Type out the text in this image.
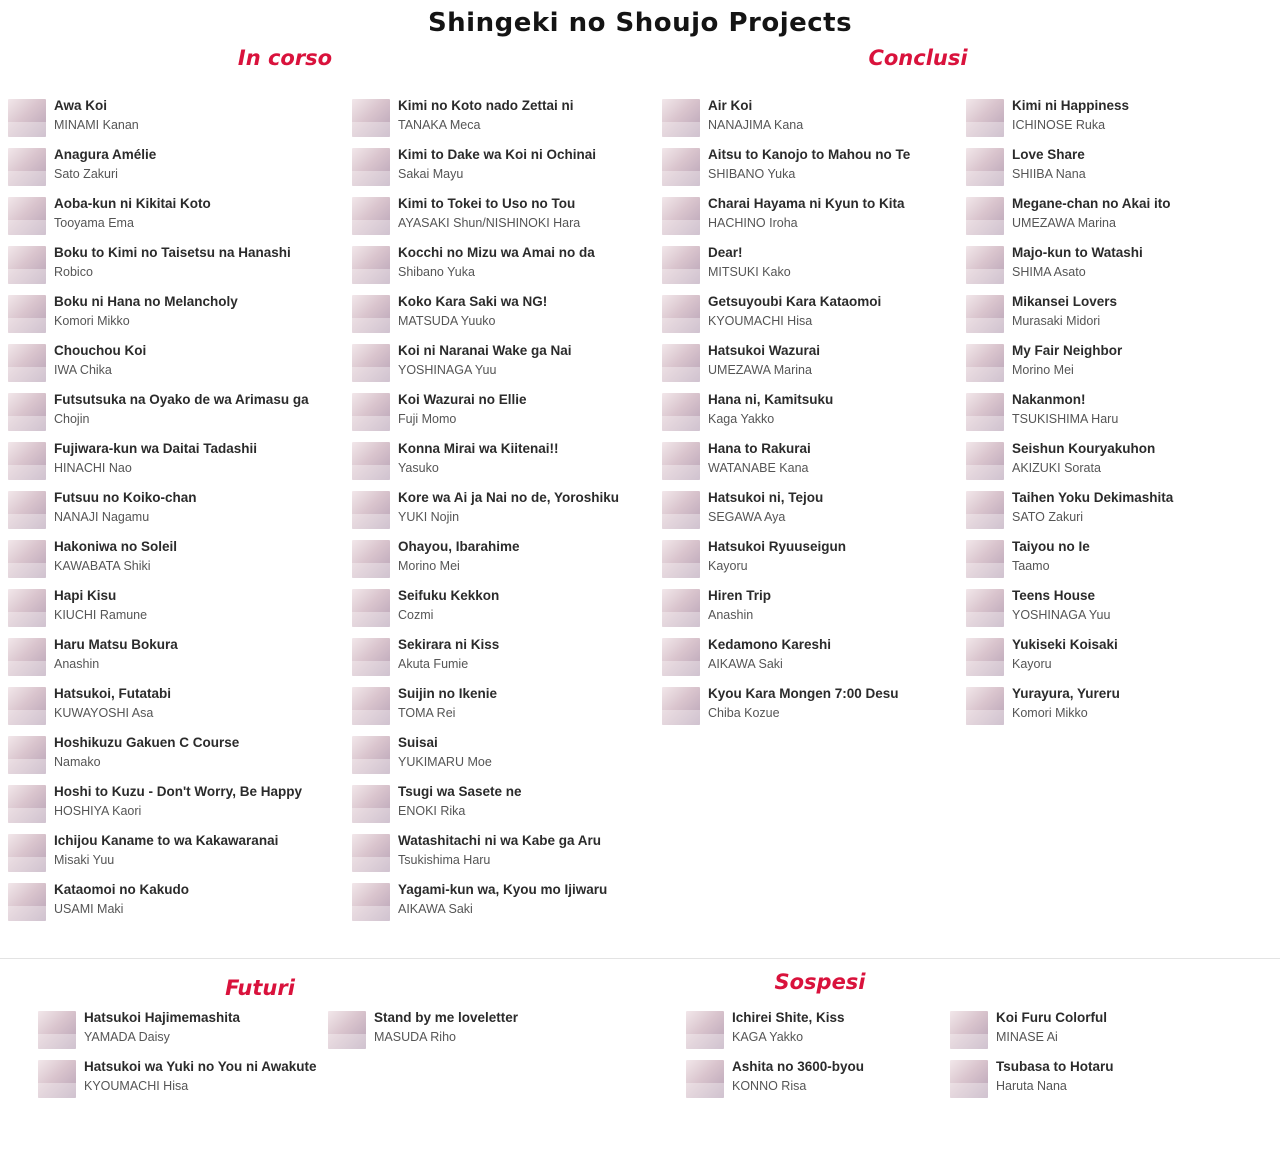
Shingeki no Shoujo Projects
In corso	Conclusi
Awa Koi
MINAMI Kanan
Anagura Amélie
Sato Zakuri
Aoba-kun ni Kikitai Koto
Tooyama Ema
Boku to Kimi no Taisetsu na Hanashi
Robico
Boku ni Hana no Melancholy
Komori Mikko
Chouchou Koi
IWA Chika
Futsutsuka na Oyako de wa Arimasu ga
Chojin
Fujiwara-kun wa Daitai Tadashii
HINACHI Nao
Futsuu no Koiko-chan
NANAJI Nagamu
Hakoniwa no Soleil
KAWABATA Shiki
Hapi Kisu
KIUCHI Ramune
Haru Matsu Bokura
Anashin
Hatsukoi, Futatabi
KUWAYOSHI Asa
Hoshikuzu Gakuen C Course
Namako
Hoshi to Kuzu - Don't Worry, Be Happy
HOSHIYA Kaori
Ichijou Kaname to wa Kakawaranai
Misaki Yuu
Kataomoi no Kakudo
USAMI Maki
Kimi no Koto nado Zettai ni
TANAKA Meca
Kimi to Dake wa Koi ni Ochinai
Sakai Mayu
Kimi to Tokei to Uso no Tou
AYASAKI Shun/NISHINOKI Hara
Kocchi no Mizu wa Amai no da
Shibano Yuka
Koko Kara Saki wa NG!
MATSUDA Yuuko
Koi ni Naranai Wake ga Nai
YOSHINAGA Yuu
Koi Wazurai no Ellie
Fuji Momo
Konna Mirai wa Kiitenai!!
Yasuko
Kore wa Ai ja Nai no de, Yoroshiku
YUKI Nojin
Ohayou, Ibarahime
Morino Mei
Seifuku Kekkon
Cozmi
Sekirara ni Kiss
Akuta Fumie
Suijin no Ikenie
TOMA Rei
Suisai
YUKIMARU Moe
Tsugi wa Sasete ne
ENOKI Rika
Watashitachi ni wa Kabe ga Aru
Tsukishima Haru
Yagami-kun wa, Kyou mo Ijiwaru
AIKAWA Saki
Air Koi
NANAJIMA Kana
Aitsu to Kanojo to Mahou no Te
SHIBANO Yuka
Charai Hayama ni Kyun to Kita
HACHINO Iroha
Dear!
MITSUKI Kako
Getsuyoubi Kara Kataomoi
KYOUMACHI Hisa
Hatsukoi Wazurai
UMEZAWA Marina
Hana ni, Kamitsuku
Kaga Yakko
Hana to Rakurai
WATANABE Kana
Hatsukoi ni, Tejou
SEGAWA Aya
Hatsukoi Ryuuseigun
Kayoru
Hiren Trip
Anashin
Kedamono Kareshi
AIKAWA Saki
Kyou Kara Mongen 7:00 Desu
Chiba Kozue
Kimi ni Happiness
ICHINOSE Ruka
Love Share
SHIIBA Nana
Megane-chan no Akai ito
UMEZAWA Marina
Majo-kun to Watashi
SHIMA Asato
Mikansei Lovers
Murasaki Midori
My Fair Neighbor
Morino Mei
Nakanmon!
TSUKISHIMA Haru
Seishun Kouryakuhon
AKIZUKI Sorata
Taihen Yoku Dekimashita
SATO Zakuri
Taiyou no Ie
Taamo
Teens House
YOSHINAGA Yuu
Yukiseki Koisaki
Kayoru
Yurayura, Yureru
Komori Mikko
Futuri	Sospesi
Hatsukoi Hajimemashita
YAMADA Daisy
Hatsukoi wa Yuki no You ni Awakute
KYOUMACHI Hisa
Stand by me loveletter
MASUDA Riho
Ichirei Shite, Kiss
KAGA Yakko
Ashita no 3600-byou
KONNO Risa
Koi Furu Colorful
MINASE Ai
Tsubasa to Hotaru
Haruta Nana
